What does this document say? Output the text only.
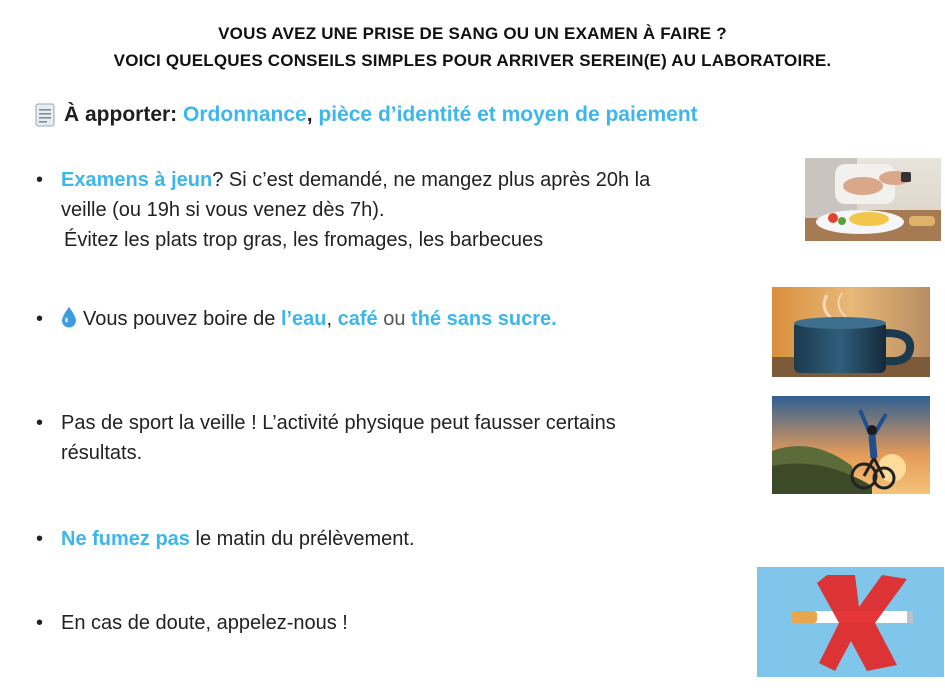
VOUS AVEZ UNE PRISE DE SANG OU UN EXAMEN À FAIRE ?
VOICI QUELQUES CONSEILS SIMPLES POUR ARRIVER SEREIN(E) AU LABORATOIRE.
À apporter:
Ordonnance ,
pièce d’identité et moyen de paiement
• Examens à jeun? Si c’est demandé, ne mangez plus après 20h la
veille (ou 19h si vous venez dès 7h).
Évitez les plats trop gras, les fromages, les barbecues
•	Vous pouvez boire de l’eau, café ou thé sans sucre.
• Pas de sport la veille ! L’activité physique peut fausser certains
résultats.
• Ne fumez pas le matin du prélèvement.
• En cas de doute, appelez-nous !
